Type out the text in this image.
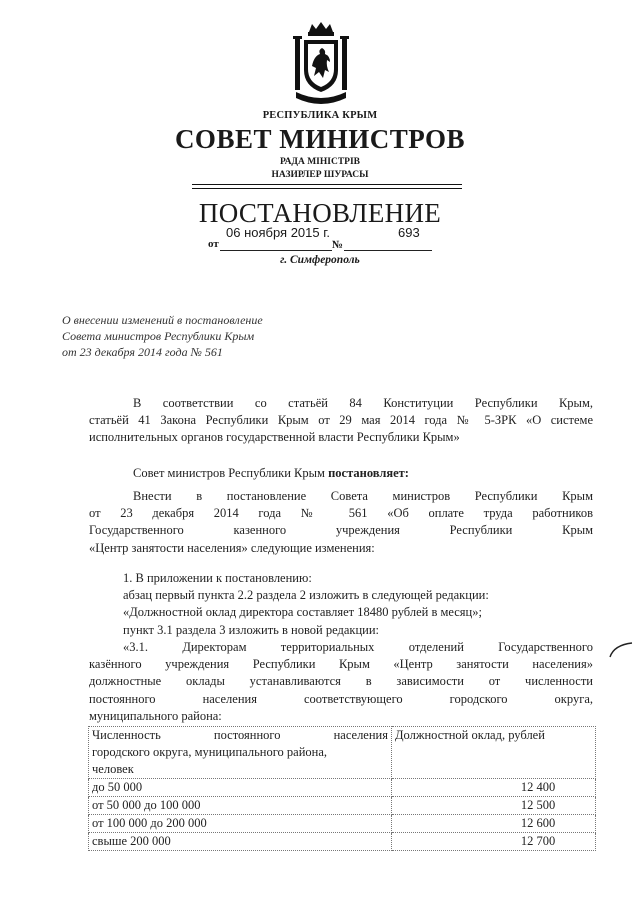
РЕСПУБЛИКА КРЫМ
СОВЕТ МИНИСТРОВ
РАДА МІНІСТРІВ
НАЗИРЛЕР ШУРАСЫ
ПОСТАНОВЛЕНИЕ
06 ноября 2015 г.	693
от	№
г. Симферополь
О внесении изменений в постановление
Совета министров Республики Крым
от 23 декабря 2014 года № 561
В соответствии со статьёй 84 Конституции Республики Крым,
статьёй 41 Закона Республики Крым от 29 мая 2014 года № 5-ЗРК «О системе
исполнительных органов государственной власти Республики Крым»
Совет министров Республики Крым постановляет:
Внести в постановление Совета министров Республики Крым
от 23 декабря 2014 года № 561 «Об оплате труда работников
Государственного казенного учреждения Республики Крым
«Центр занятости населения» следующие изменения:
1. В приложении к постановлению:
абзац первый пункта 2.2 раздела 2 изложить в следующей редакции:
«Должностной оклад директора составляет 18480 рублей в месяц»;
пункт 3.1 раздела 3 изложить в новой редакции:
«3.1. Директорам территориальных отделений Государственного
казённого учреждения Республики Крым «Центр занятости населения»
должностные оклады устанавливаются в зависимости от численности
постоянного населения соответствующего городского округа,
муниципального района:
Численность постоянного населения
городского округа, муниципального района,
человек	Должностной оклад, рублей
до 50 000	12 400
от 50 000 до 100 000	12 500
от 100 000 до 200 000	12 600
свыше 200 000	12 700
